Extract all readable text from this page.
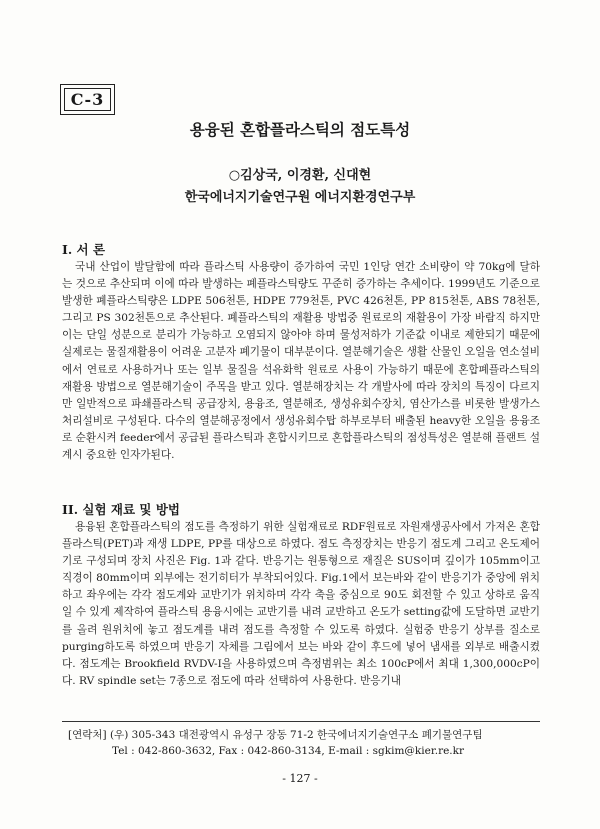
C-3
용융된 혼합플라스틱의 점도특성
○김상국, 이경환, 신대현
한국에너지기술연구원 에너지환경연구부
I. 서 론

국내 산업이 발달함에 따라 플라스틱 사용량이 증가하여 국민 1인당 연간 소비량이 약 70kg에 달하는 것으로 추산되며 이에 따라 발생하는 폐플라스틱량도 꾸준히 증가하는 추세이다. 1999년도 기준으로 발생한 폐플라스틱량은 LDPE 506천톤, HDPE 779천톤, PVC 426천톤, PP 815천톤, ABS 78천톤, 그리고 PS 302천톤으로 추산된다. 폐플라스틱의 재활용 방법중 원료로의 재활용이 가장 바람직 하지만 이는 단일 성분으로 분리가 가능하고 오염되지 않아야 하며 물성저하가 기준값 이내로 제한되기 때문에 실제로는 물질재활용이 어려운 고분자 폐기물이 대부분이다. 열분해기술은 생활 산물인 오일을 연소설비에서 연료로 사용하거나 또는 일부 물질을 석유화학 원료로 사용이 가능하기 때문에 혼합폐플라스틱의 재활용 방법으로 열분해기술이 주목을 받고 있다. 열분해장치는 각 개발사에 따라 장치의 특징이 다르지만 일반적으로 파쇄플라스틱 공급장치, 용융조, 열분해조, 생성유회수장치, 염산가스를 비롯한 발생가스 처리설비로 구성된다. 다수의 열분해공정에서 생성유회수탑 하부로부터 배출된 heavy한 오일을 용융조로 순환시켜 feeder에서 공급된 플라스틱과 혼합시키므로 혼합플라스틱의 점성특성은 열분해 플랜트 설계시 중요한 인자가된다.

II. 실험 재료 및 방법

용융된 혼합플라스틱의 점도를 측정하기 위한 실험재료로 RDF원료로 자원재생공사에서 가져온 혼합플라스틱(PET)과 재생 LDPE, PP를 대상으로 하였다. 점도 측정장치는 반응기 점도계 그리고 온도제어기로 구성되며 장치 사진은 Fig. 1과 같다. 반응기는 원통형으로 재질은 SUS이며 깊이가 105mm이고 직경이 80mm이며 외부에는 전기히터가 부착되어있다. Fig.1에서 보는바와 같이 반응기가 중앙에 위치하고 좌우에는 각각 점도계와 교반기가 위치하며 각각 축을 중심으로 90도 회전할 수 있고 상하로 움직일 수 있게 제작하여 플라스틱 용융시에는 교반기를 내려 교반하고 온도가 setting값에 도달하면 교반기를 올려 원위치에 놓고 점도계를 내려 점도를 측정할 수 있도록 하였다. 실험중 반응기 상부를 질소로 purging하도록 하였으며 반응기 자체를 그림에서 보는 바와 같이 후드에 넣어 냄새를 외부로 배출시켰다. 점도계는 Brookfield RVDV-I을 사용하였으며 측정범위는 최소 100cP에서 최대 1,300,000cP이다. RV spindle set는 7종으로 점도에 따라 선택하여 사용한다. 반응기내

[연락처] (우) 305-343 대전광역시 유성구 장동 71-2 한국에너지기술연구소 폐기물연구팀
Tel : 042-860-3632, Fax : 042-860-3134, E-mail : sgkim@kier.re.kr
- 127 -
